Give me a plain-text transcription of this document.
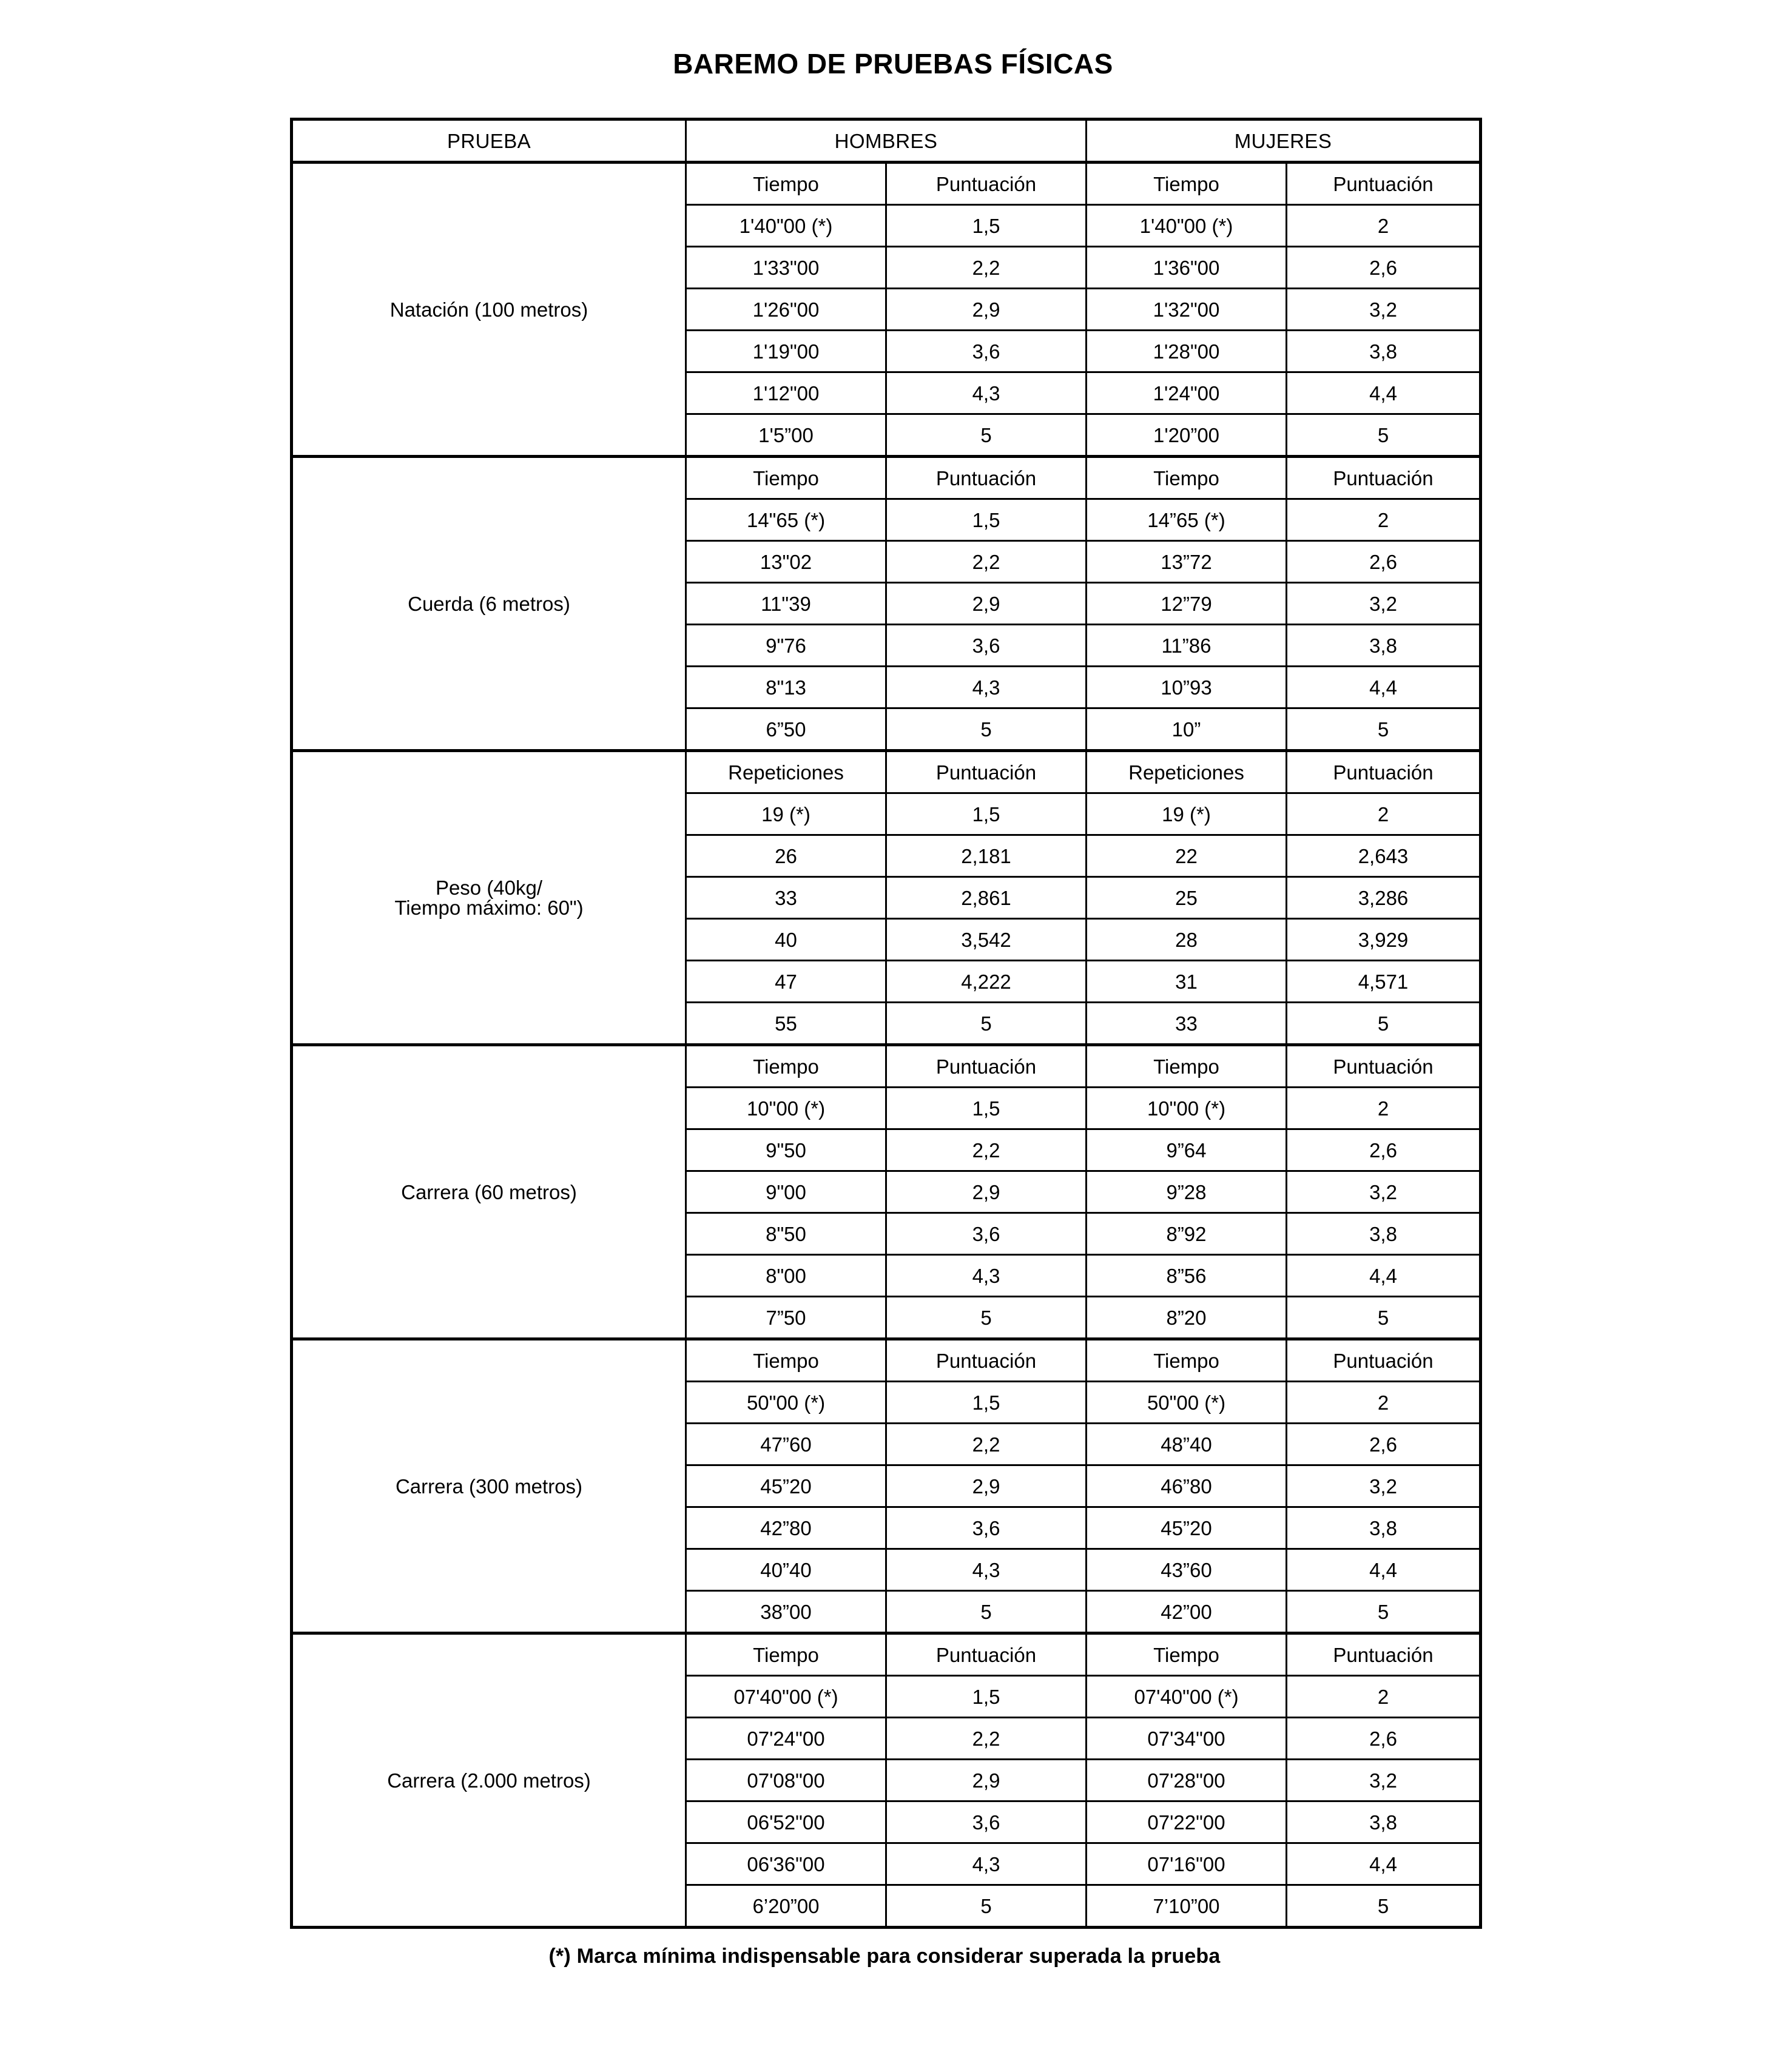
BAREMO DE PRUEBAS FÍSICAS
PRUEBA	HOMBRES		MUJERES	

Natación (100 metros)	Tiempo	Puntuación	Tiempo	Puntuación
	1'40"00 (*)	1,5	1'40"00 (*)	2
	1'33"00	2,2	1'36"00	2,6
	1'26"00	2,9	1'32"00	3,2
	1'19"00	3,6	1'28"00	3,8
	1'12"00	4,3	1'24"00	4,4
	1'5”00	5	1'20”00	5

Cuerda (6 metros)	Tiempo	Puntuación	Tiempo	Puntuación
	14"65 (*)	1,5	14”65 (*)	2
	13"02	2,2	13”72	2,6
	11"39	2,9	12”79	3,2
	9"76	3,6	11”86	3,8
	8"13	4,3	10”93	4,4
	6”50	5	10”	5

Peso (40kg/
Tiempo máximo: 60")	Repeticiones	Puntuación	Repeticiones	Puntuación
	19 (*)	1,5	19 (*)	2
	26	2,181	22	2,643
	33	2,861	25	3,286
	40	3,542	28	3,929
	47	4,222	31	4,571
	55	5	33	5

Carrera (60 metros)	Tiempo	Puntuación	Tiempo	Puntuación
	10"00 (*)	1,5	10"00 (*)	2
	9"50	2,2	9”64	2,6
	9"00	2,9	9”28	3,2
	8"50	3,6	8”92	3,8
	8"00	4,3	8”56	4,4
	7”50	5	8”20	5

Carrera (300 metros)	Tiempo	Puntuación	Tiempo	Puntuación
	50"00 (*)	1,5	50"00 (*)	2
	47”60	2,2	48”40	2,6
	45”20	2,9	46”80	3,2
	42”80	3,6	45”20	3,8
	40”40	4,3	43”60	4,4
	38”00	5	42”00	5

Carrera (2.000 metros)	Tiempo	Puntuación	Tiempo	Puntuación
	07'40"00 (*)	1,5	07'40"00 (*)	2
	07'24"00	2,2	07'34"00	2,6
	07'08"00	2,9	07'28"00	3,2
	06'52"00	3,6	07'22"00	3,8
	06'36"00	4,3	07'16"00	4,4
	6’20”00	5	7’10”00	5
(*) Marca mínima indispensable para considerar superada la prueba
